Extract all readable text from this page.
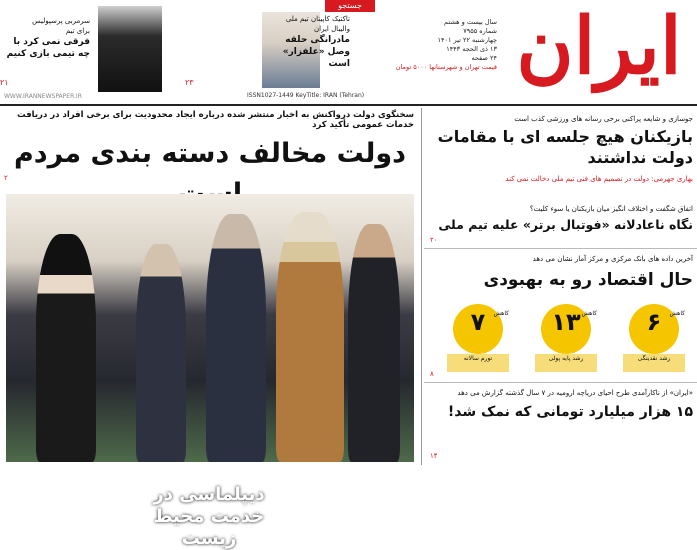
ایران
جستجو
سال بیست و هشتم
شماره ۷۹۵۵
چهارشنبه ۲۲ تیر ۱۴۰۱
۱۳ ذی الحجه ۱۴۴۳
۲۴ صفحه
قیمت تهران و شهرستانها ۵۰۰۰ تومان
ISSN1027-1449 KeyTitle: IRAN (Tehran)
تاکتیک کاپیتان تیم ملی
والیبال ایران
مادرانگی حلقه وصل «علفزار» است
سرمربی پرسپولیس
برای تیم
فرقی نمی کرد با چه تیمی بازی کنیم
۲۱	۲۳
WWW.IRANNEWSPAPER.IR
سخنگوی دولت درواکنش به اخبار منتشر شده درباره ایجاد محدودیت برای برخی افراد در دریافت خدمات عمومی تأکید کرد
دولت مخالف دسته بندی مردم
۲
رئیسی: سفیرهای خود را برای حل معضلات زیست محیطی منطقه در نشست وزرا و معاونان ۱۱ کشور از ایران
دیپلماسی در خدمت محیط زیست
جوسازی و شایعه پراکنی برخی رسانه های ورزشی کذب است
بازیکنان هیچ جلسه ای با مقامات دولت نداشتند
بهاری جهرمی: دولت در تصمیم های فنی تیم ملی دخالت نمی کند
اتفاق شگفت و اختلاف انگیز میان بازیکنان یا سوء کلیت؟
نگاه ناعادلانه «فوتبال برتر» علیه تیم ملی
۲۰
آخرین داده های بانک مرکزی و مرکز آمار نشان می دهد
حال اقتصاد رو به بهبودی
۶	کاهش
رشد نقدینگی
۱۳ کاهش
رشد پایه پولی
۷	کاهش
تورم سالانه
۸
«ایران» از ناکارآمدی طرح احیای دریاچه ارومیه در ۷ سال گذشته گزارش می دهد
۱۵ هزار میلیارد تومانی که نمک شد!
۱۴
